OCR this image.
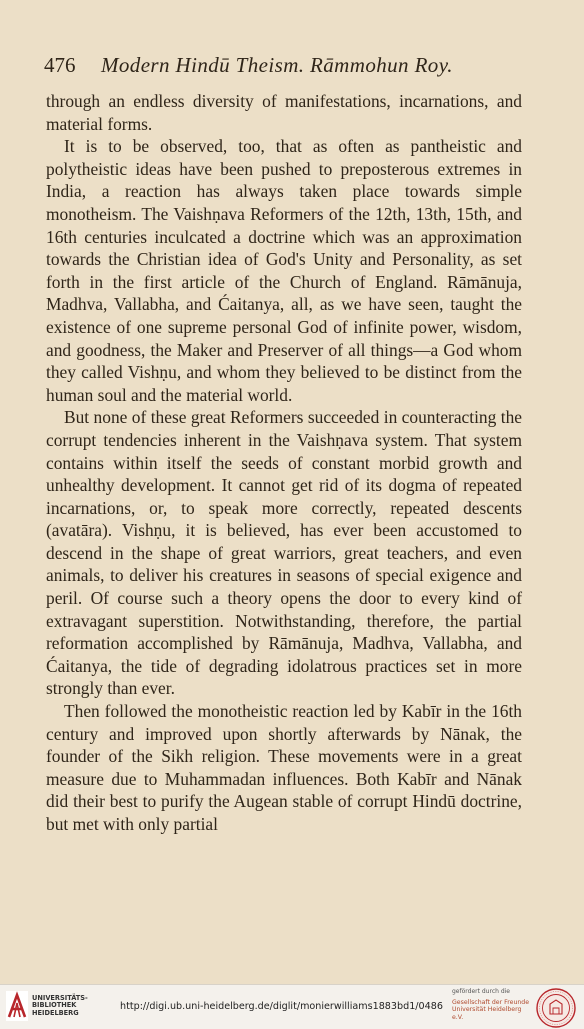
476 Modern Hindū Theism. Rāmmohun Roy.

through an endless diversity of manifestations, incarnations, and material forms.

It is to be observed, too, that as often as pantheistic and polytheistic ideas have been pushed to preposterous extremes in India, a reaction has always taken place towards simple monotheism. The Vaishṇava Reformers of the 12th, 13th, 15th, and 16th centuries inculcated a doctrine which was an approximation towards the Christian idea of God's Unity and Personality, as set forth in the first article of the Church of England. Rāmānuja, Madhva, Vallabha, and Ćaitanya, all, as we have seen, taught the existence of one supreme personal God of infinite power, wisdom, and goodness, the Maker and Preserver of all things—a God whom they called Vishṇu, and whom they believed to be distinct from the human soul and the material world.

But none of these great Reformers succeeded in counteracting the corrupt tendencies inherent in the Vaishṇava system. That system contains within itself the seeds of constant morbid growth and unhealthy development. It cannot get rid of its dogma of repeated incarnations, or, to speak more correctly, repeated descents (avatāra). Vishṇu, it is believed, has ever been accustomed to descend in the shape of great warriors, great teachers, and even animals, to deliver his creatures in seasons of special exigence and peril. Of course such a theory opens the door to every kind of extravagant superstition. Notwithstanding, therefore, the partial reformation accomplished by Rāmānuja, Madhva, Vallabha, and Ćaitanya, the tide of degrading idolatrous practices set in more strongly than ever.

Then followed the monotheistic reaction led by Kabīr in the 16th century and improved upon shortly afterwards by Nānak, the founder of the Sikh religion. These movements were in a great measure due to Muhammadan influences. Both Kabīr and Nānak did their best to purify the Augean stable of corrupt Hindū doctrine, but met with only partial

UNIVERSITÄTS-
BIBLIOTHEK
HEIDELBERG
http://digi.ub.uni-heidelberg.de/diglit/monierwilliams1883bd1/0486
gefördert durch die
Gesellschaft der Freunde
Universität Heidelberg e.V.
